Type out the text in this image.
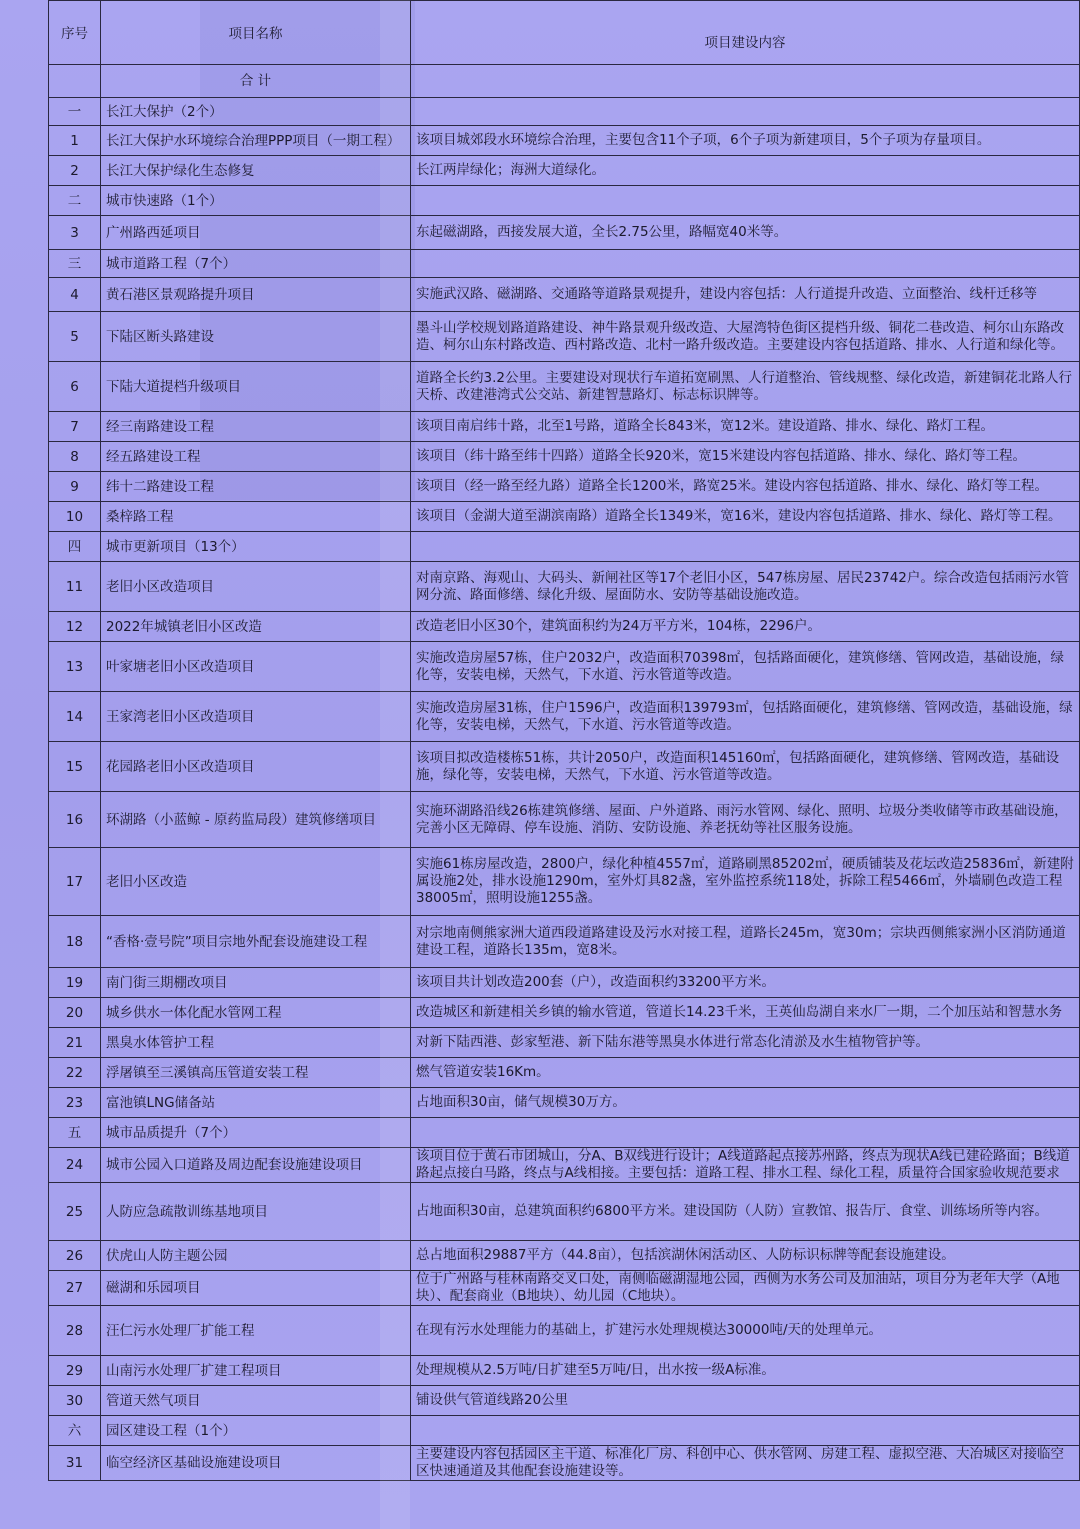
序号	项目名称	项目建设内容
	合 计	
一	长江大保护（2个）	
1	长江大保护水环境综合治理PPP项目（一期工程）	该项目城郊段水环境综合治理，主要包含11个子项，6个子项为新建项目，5个子项为存量项目。
2	长江大保护绿化生态修复	长江两岸绿化；海洲大道绿化。
二	城市快速路（1个）	
3	广州路西延项目	东起磁湖路，西接发展大道，全长2.75公里，路幅宽40米等。
三	城市道路工程（7个）	
4	黄石港区景观路提升项目	实施武汉路、磁湖路、交通路等道路景观提升，建设内容包括：人行道提升改造、立面整治、线杆迁移等
5	下陆区断头路建设	墨斗山学校规划路道路建设、神牛路景观升级改造、大屋湾特色街区提档升级、铜花二巷改造、柯尔山东路改造、柯尔山东村路改造、西村路改造、北村一路升级改造。主要建设内容包括道路、排水、人行道和绿化等。
6	下陆大道提档升级项目	道路全长约3.2公里。主要建设对现状行车道拓宽刷黑、人行道整治、管线规整、绿化改造，新建铜花北路人行天桥、改建港湾式公交站、新建智慧路灯、标志标识牌等。
7	经三南路建设工程	该项目南启纬十路，北至1号路，道路全长843米，宽12米。建设道路、排水、绿化、路灯工程。
8	经五路建设工程	该项目（纬十路至纬十四路）道路全长920米，宽15米建设内容包括道路、排水、绿化、路灯等工程。
9	纬十二路建设工程	该项目（经一路至经九路）道路全长1200米，路宽25米。建设内容包括道路、排水、绿化、路灯等工程。
10	桑梓路工程	该项目（金湖大道至湖滨南路）道路全长1349米，宽16米，建设内容包括道路、排水、绿化、路灯等工程。
四	城市更新项目（13个）	
11	老旧小区改造项目	对南京路、海观山、大码头、新闸社区等17个老旧小区，547栋房屋、居民23742户。综合改造包括雨污水管网分流、路面修缮、绿化升级、屋面防水、安防等基础设施改造。
12	2022年城镇老旧小区改造	改造老旧小区30个，建筑面积约为24万平方米，104栋，2296户。
13	叶家塘老旧小区改造项目	实施改造房屋57栋，住户2032户，改造面积70398㎡，包括路面硬化，建筑修缮、管网改造，基础设施，绿化等，安装电梯，天然气，下水道、污水管道等改造。
14	王家湾老旧小区改造项目	实施改造房屋31栋，住户1596户，改造面积139793㎡，包括路面硬化，建筑修缮、管网改造，基础设施，绿化等，安装电梯，天然气，下水道、污水管道等改造。
15	花园路老旧小区改造项目	该项目拟改造楼栋51栋，共计2050户，改造面积145160㎡，包括路面硬化，建筑修缮、管网改造，基础设施，绿化等，安装电梯，天然气，下水道、污水管道等改造。
16	环湖路（小蓝鲸 - 原药监局段）建筑修缮项目	实施环湖路沿线26栋建筑修缮、屋面、户外道路、雨污水管网、绿化、照明、垃圾分类收储等市政基础设施，完善小区无障碍、停车设施、消防、安防设施、养老抚幼等社区服务设施。
17	老旧小区改造	实施61栋房屋改造，2800户，绿化种植4557㎡，道路刷黑85202㎡，硬质铺装及花坛改造25836㎡，新建附属设施2处，排水设施1290m，室外灯具82盏，室外监控系统118处，拆除工程5466㎡，外墙刷色改造工程38005㎡，照明设施1255盏。
18	“香格·壹号院”项目宗地外配套设施建设工程	对宗地南侧熊家洲大道西段道路建设及污水对接工程，道路长245m，宽30m；宗块西侧熊家洲小区消防通道建设工程，道路长135m，宽8米。
19	南门街三期棚改项目	该项目共计划改造200套（户），改造面积约33200平方米。
20	城乡供水一体化配水管网工程	改造城区和新建相关乡镇的输水管道，管道长14.23千米，王英仙岛湖自来水厂一期，二个加压站和智慧水务
21	黑臭水体管护工程	对新下陆西港、彭家堑港、新下陆东港等黑臭水体进行常态化清淤及水生植物管护等。
22	浮屠镇至三溪镇高压管道安装工程	燃气管道安装16Km。
23	富池镇LNG储备站	占地面积30亩，储气规模30万方。
五	城市品质提升（7个）	
24	城市公园入口道路及周边配套设施建设项目	该项目位于黄石市团城山，分A、B双线进行设计；A线道路起点接苏州路，终点为现状A线已建砼路面；B线道路起点接白马路，终点与A线相接。主要包括：道路工程、排水工程、绿化工程，质量符合国家验收规范要求
25	人防应急疏散训练基地项目	占地面积30亩，总建筑面积约6800平方米。建设国防（人防）宣教馆、报告厅、食堂、训练场所等内容。
26	伏虎山人防主题公园	总占地面积29887平方（44.8亩），包括滨湖休闲活动区、人防标识标牌等配套设施建设。
27	磁湖和乐园项目	位于广州路与桂林南路交叉口处，南侧临磁湖湿地公园，西侧为水务公司及加油站，项目分为老年大学（A地块）、配套商业（B地块）、幼儿园（C地块）。
28	汪仁污水处理厂扩能工程	在现有污水处理能力的基础上，扩建污水处理规模达30000吨/天的处理单元。
29	山南污水处理厂扩建工程项目	处理规模从2.5万吨/日扩建至5万吨/日，出水按一级A标准。
30	管道天然气项目	铺设供气管道线路20公里
六	园区建设工程（1个）	
31	临空经济区基础设施建设项目	主要建设内容包括园区主干道、标准化厂房、科创中心、供水管网、房建工程、虚拟空港、大冶城区对接临空区快速通道及其他配套设施建设等。
